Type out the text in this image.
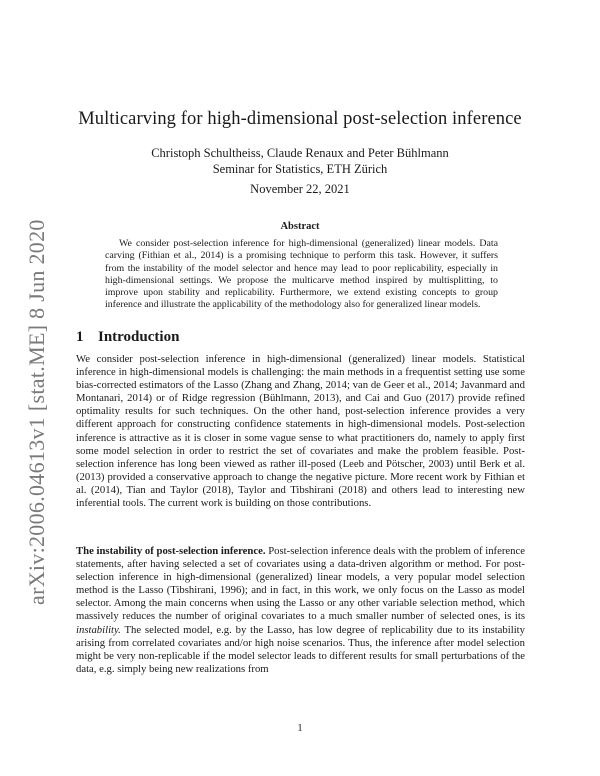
arXiv:2006.04613v1 [stat.ME] 8 Jun 2020
Multicarving for high-dimensional post-selection inference
Christoph Schultheiss, Claude Renaux and Peter Bühlmann
Seminar for Statistics, ETH Zürich
November 22, 2021
Abstract

We consider post-selection inference for high-dimensional (generalized) linear models. Data carving (Fithian et al., 2014) is a promising technique to perform this task. However, it suffers from the instability of the model selector and hence may lead to poor replicability, especially in high-dimensional settings. We propose the multicarve method inspired by multisplitting, to improve upon stability and replicability. Furthermore, we extend existing concepts to group inference and illustrate the applicability of the methodology also for generalized linear models.

1 Introduction

We consider post-selection inference in high-dimensional (generalized) linear models. Statistical inference in high-dimensional models is challenging: the main methods in a frequentist setting use some bias-corrected estimators of the Lasso (Zhang and Zhang, 2014; van de Geer et al., 2014; Javanmard and Montanari, 2014) or of Ridge regression (Bühlmann, 2013), and Cai and Guo (2017) provide refined optimality results for such techniques. On the other hand, post-selection inference provides a very different approach for constructing confidence statements in high-dimensional models. Post-selection inference is attractive as it is closer in some vague sense to what practitioners do, namely to apply first some model selection in order to restrict the set of covariates and make the problem feasible. Post-selection inference has long been viewed as rather ill-posed (Leeb and Pötscher, 2003) until Berk et al. (2013) provided a conservative approach to change the negative picture. More recent work by Fithian et al. (2014), Tian and Taylor (2018), Taylor and Tibshirani (2018) and others lead to interesting new inferential tools. The current work is building on those contributions.

The instability of post-selection inference. Post-selection inference deals with the problem of inference statements, after having selected a set of covariates using a data-driven algorithm or method. For post-selection inference in high-dimensional (generalized) linear models, a very popular model selection method is the Lasso (Tibshirani, 1996); and in fact, in this work, we only focus on the Lasso as model selector. Among the main concerns when using the Lasso or any other variable selection method, which massively reduces the number of original covariates to a much smaller number of selected ones, is its instability. The selected model, e.g. by the Lasso, has low degree of replicability due to its instability arising from correlated covariates and/or high noise scenarios. Thus, the inference after model selection might be very non-replicable if the model selector leads to different results for small perturbations of the data, e.g. simply being new realizations from

1
